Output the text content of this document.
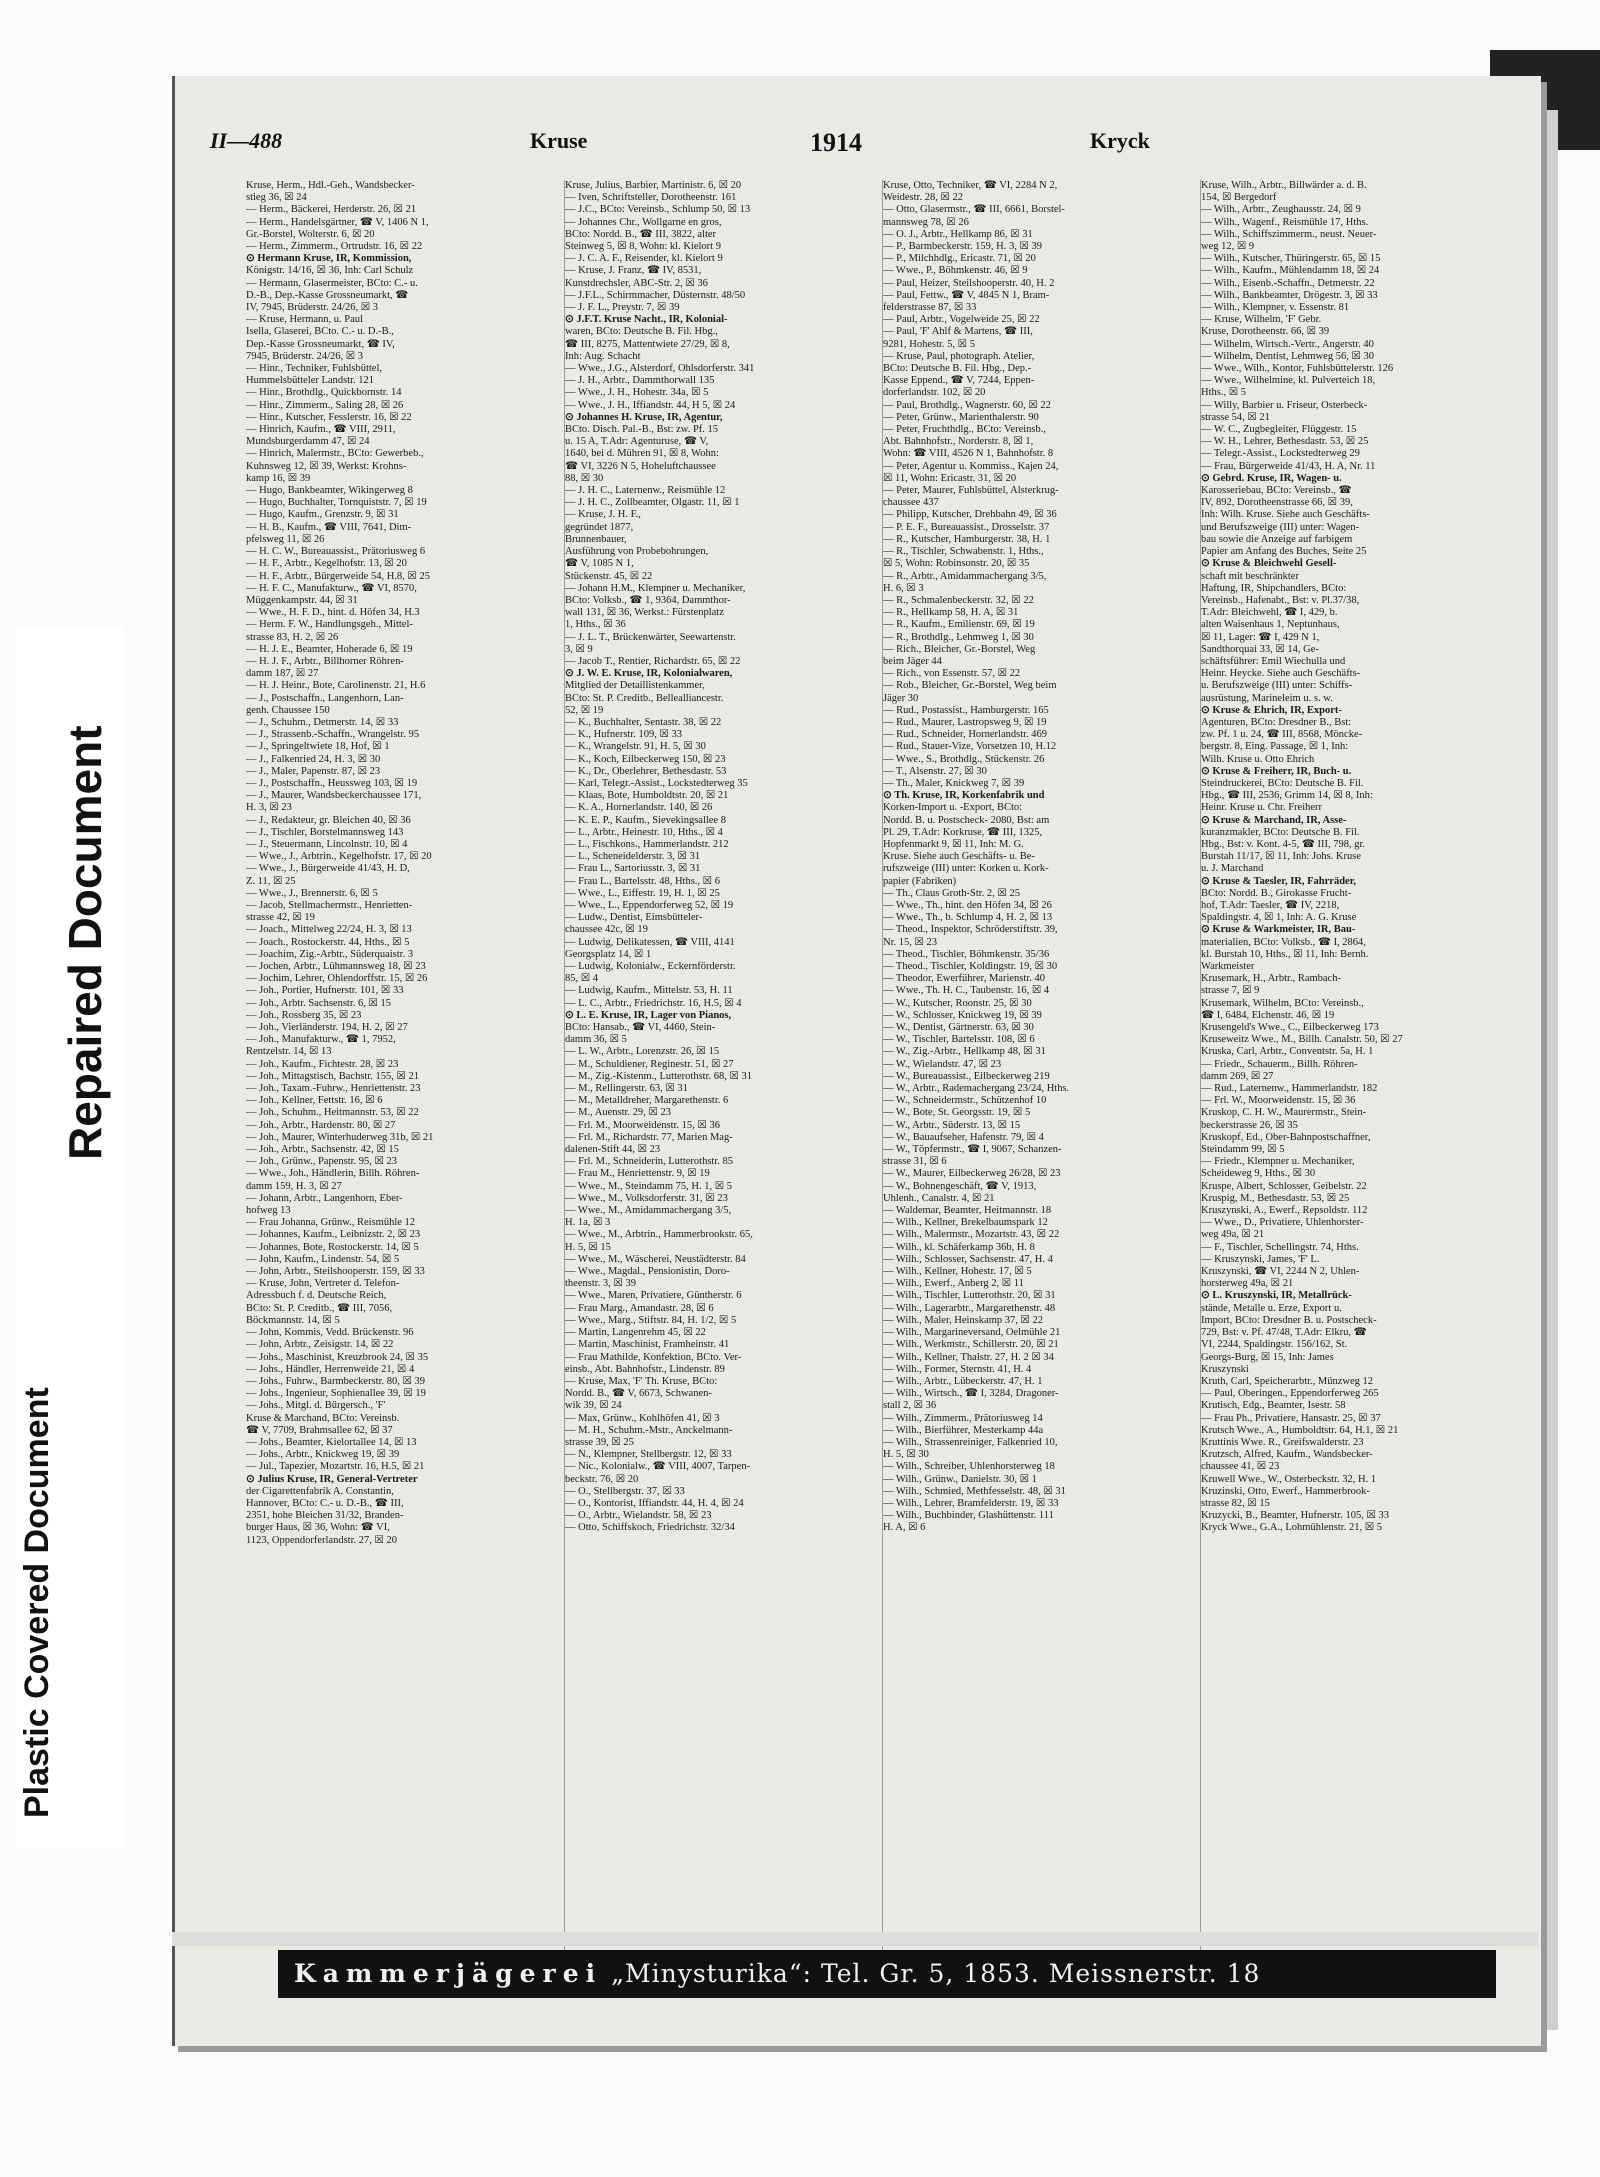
Repaired Document
Plastic Covered Document
II—488	Kruse	1914	Kryck
Kruse, Herm., Hdl.-Geh., Wandsbecker-
stieg 36, ☒ 24
— Herm., Bäckerei, Herderstr. 26, ☒ 21
— Herm., Handelsgärtner, ☎ V, 1406 N 1,
Gr.-Borstel, Wolterstr. 6, ☒ 20
— Herm., Zimmerm., Ortrudstr. 16, ☒ 22
⊙ Hermann Kruse, IR, Kommission,
Königstr. 14/16, ☒ 36, Inh: Carl Schulz
— Hermann, Glasermeister, BCto: C.- u.
D.-B., Dep.-Kasse Grossneumarkt, ☎
IV, 7945, Brüderstr. 24/26, ☒ 3
— Kruse, Hermann, u. Paul
Isella, Glaserei, BCto. C.- u. D.-B.,
Dep.-Kasse Grossneumarkt, ☎ IV,
7945, Brüderstr. 24/26, ☒ 3
— Hinr., Techniker, Fuhlsbüttel,
Hummelsbütteler Landstr. 121
— Hinr., Brothdlg., Quickbornstr. 14
— Hinr., Zimmerm., Saling 28, ☒ 26
— Hinr., Kutscher, Fesslerstr. 16, ☒ 22
— Hinrich, Kaufm., ☎ VIII, 2911,
Mundsburgerdamm 47, ☒ 24
— Hinrich, Malermstr., BCto: Gewerbeb.,
Kuhnsweg 12, ☒ 39, Werkst: Krohns-
kamp 16, ☒ 39
— Hugo, Bankbeamter, Wikingerweg 8
— Hugo, Buchhalter, Tornquiststr. 7, ☒ 19
— Hugo, Kaufm., Grenzstr. 9, ☒ 31
— H. B., Kaufm., ☎ VIII, 7641, Dim-
pfelsweg 11, ☒ 26
— H. C. W., Bureauassist., Prätoriusweg 6
— H. F., Arbtr., Kegelhofstr. 13, ☒ 20
— H. F., Arbtr., Bürgerweide 54, H.8, ☒ 25
— H. F. C., Manufakturw., ☎ VI, 8570,
Müggenkampstr. 44, ☒ 31
— Wwe., H. F. D., hint. d. Höfen 34, H.3
— Herm. F. W., Handlungsgeh., Mittel-
strasse 83, H. 2, ☒ 26
— H. J. E., Beamter, Hoherade 6, ☒ 19
— H. J. F., Arbtr., Billhorner Röhren-
damm 187, ☒ 27
— H. J. Heinr., Bote, Carolinenstr. 21, H.6
— J., Postschaffn., Langenhorn, Lan-
genh. Chaussee 150
— J., Schuhm., Detmerstr. 14, ☒ 33
— J., Strassenb.-Schaffn., Wrangelstr. 95
— J., Springeltwiete 18, Hof, ☒ 1
— J., Falkenried 24, H. 3, ☒ 30
— J., Maler, Papenstr. 87, ☒ 23
— J., Postschaffn., Heussweg 103, ☒ 19
— J., Maurer, Wandsbeckerchaussee 171,
H. 3, ☒ 23
— J., Redakteur, gr. Bleichen 40, ☒ 36
— J., Tischler, Borstelmannsweg 143
— J., Steuermann, Lincolnstr. 10, ☒ 4
— Wwe., J., Arbtrin., Kegelhofstr. 17, ☒ 20
— Wwe., J., Bürgerweide 41/43, H. D,
Z. 11, ☒ 25
— Wwe., J., Brennerstr. 6, ☒ 5
— Jacob, Stellmachermstr., Henrietten-
strasse 42, ☒ 19
— Joach., Mittelweg 22/24, H. 3, ☒ 13
— Joach., Rostockerstr. 44, Hths., ☒ 5
— Joachim, Zig.-Arbtr., Süderquaistr. 3
— Jochen, Arbtr., Lühmannsweg 18, ☒ 23
— Jochim, Lehrer, Ohlendorffstr. 15, ☒ 26
— Joh., Portier, Hufnerstr. 101, ☒ 33
— Joh., Arbtr. Sachsenstr. 6, ☒ 15
— Joh., Rossberg 35, ☒ 23
— Joh., Vierländerstr. 194, H. 2, ☒ 27
— Joh., Manufakturw., ☎ 1, 7952,
Rentzelstr. 14, ☒ 13
— Joh., Kaufm., Fichtestr. 28, ☒ 23
— Joh., Mittagstisch, Bachstr. 155, ☒ 21
— Joh., Taxam.-Fuhrw., Henriettenstr. 23
— Joh., Kellner, Fettstr. 16, ☒ 6
— Joh., Schuhm., Heitmannstr. 53, ☒ 22
— Joh., Arbtr., Hardenstr. 80, ☒ 27
— Joh., Maurer, Winterhuderweg 31b, ☒ 21
— Joh., Arbtr., Sachsenstr. 42, ☒ 15
— Joh., Grünw., Papenstr. 95, ☒ 23
— Wwe., Joh., Händlerin, Billh. Röhren-
damm 159, H. 3, ☒ 27
— Johann, Arbtr., Langenhorn, Eber-
hofweg 13
— Frau Johanna, Grünw., Reismühle 12
— Johannes, Kaufm., Leibnizstr. 2, ☒ 23
— Johannes, Bote, Rostockerstr. 14, ☒ 5
— John, Kaufm., Lindenstr. 54, ☒ 5
— John, Arbtr., Steilshooperstr. 159, ☒ 33
— Kruse, John, Vertreter d. Telefon-
Adressbuch f. d. Deutsche Reich,
BCto: St. P. Creditb., ☎ III, 7056,
Böckmannstr. 14, ☒ 5
— John, Kommis, Vedd. Brückenstr. 96
— John, Arbtr., Zeisigstr. 14, ☒ 22
— Johs., Maschinist, Kreuzbrook 24, ☒ 35
— Johs., Händler, Herrenweide 21, ☒ 4
— Johs., Fuhrw., Barmbeckerstr. 80, ☒ 39
— Johs., Ingenieur, Sophienallee 39, ☒ 19
— Johs., Mitgl. d. Bürgersch., 'F'
Kruse & Marchand, BCto: Vereinsb.
☎ V, 7709, Brahmsallee 62, ☒ 37
— Johs., Beamter, Kielortallee 14, ☒ 13
— Johs., Arbtr., Knickweg 19, ☒ 39
— Jul., Tapezier, Mozartstr. 16, H.5, ☒ 21
⊙ Julius Kruse, IR, General-Vertreter
der Cigarettenfabrik A. Constantin,
Hannover, BCto: C.- u. D.-B., ☎ III,
2351, hohe Bleichen 31/32, Branden-
burger Haus, ☒ 36, Wohn: ☎ VI,
1123, Oppendorferlandstr. 27, ☒ 20
Kruse, Julius, Barbier, Martinistr. 6, ☒ 20
— Iven, Schriftsteller, Dorotheenstr. 161
— J.C., BCto: Vereinsb., Schlump 50, ☒ 13
— Johannes Chr., Wollgarne en gros,
BCto: Nordd. B., ☎ III, 3822, alter
Steinweg 5, ☒ 8, Wohn: kl. Kielort 9
— J. C. A. F., Reisender, kl. Kielort 9
— Kruse, J. Franz, ☎ IV, 8531,
Kunstdrechsler, ABC-Str. 2, ☒ 36
— J.F.L., Schirmmacher, Düsternstr. 48/50
— J. F. L., Preystr. 7, ☒ 39
⊙ J.F.T. Kruse Nacht., IR, Kolonial-
waren, BCto: Deutsche B. Fil. Hbg.,
☎ III, 8275, Mattentwiete 27/29, ☒ 8,
Inh: Aug. Schacht
— Wwe., J.G., Alsterdorf, Ohlsdorferstr. 341
— J. H., Arbtr., Dammthorwall 135
— Wwe., J. H., Hohestr. 34a, ☒ 5
— Wwe., J. H., Iffiandstr. 44, H 5, ☒ 24
⊙ Johannes H. Kruse, IR, Agentur,
BCto. Disch. Pal.-B., Bst: zw. Pf. 15
u. 15 A, T.Adr: Agenturuse, ☎ V,
1640, bei d. Mühren 91, ☒ 8, Wohn:
☎ VI, 3226 N 5, Hoheluftchaussee
88, ☒ 30
— J. H. C., Laternenw., Reismühle 12
— J. H. C., Zollbeamter, Olgastr. 11, ☒ 1
— Kruse, J. H. F.,
gegründet 1877,
Brunnenbauer,
Ausführung von Probebohrungen,
☎ V, 1085 N 1,
Stückenstr. 45, ☒ 22
— Johann H.M., Klempner u. Mechaniker,
BCto: Volksb., ☎ 1, 9364, Dammthor-
wall 131, ☒ 36, Werkst.: Fürstenplatz
1, Hths., ☒ 36
— J. L. T., Brückenwärter, Seewartenstr.
3, ☒ 9
— Jacob T., Rentier, Richardstr. 65, ☒ 22
⊙ J. W. E. Kruse, IR, Kolonialwaren,
Mitglied der Detaillistenkammer,
BCto: St. P. Creditb., Bellealliancestr.
52, ☒ 19
— K., Buchhalter, Sentastr. 38, ☒ 22
— K., Hufnerstr. 109, ☒ 33
— K., Wrangelstr. 91, H. 5, ☒ 30
— K., Koch, Eilbeckerweg 150, ☒ 23
— K., Dr., Oberlehrer, Bethesdastr. 53
— Karl, Telegr.-Assist., Lockstedterweg 35
— Klaas, Bote, Humboldtstr. 20, ☒ 21
— K. A., Hornerlandstr. 140, ☒ 26
— K. E. P., Kaufm., Sievekingsallee 8
— L., Arbtr., Heinestr. 10, Hths., ☒ 4
— L., Fischkons., Hammerlandstr. 212
— L., Scheneidelderstr. 3, ☒ 31
— Frau L., Sartoriusstr. 3, ☒ 31
— Frau L., Bartelsstr. 48, Hths., ☒ 6
— Wwe., L., Eiffestr. 19, H. 1, ☒ 25
— Wwe., L., Eppendorferweg 52, ☒ 19
— Ludw., Dentist, Eimsbütteler-
chaussee 42c, ☒ 19
— Ludwig, Delikatessen, ☎ VIII, 4141
Georgsplatz 14, ☒ 1
— Ludwig, Kolonialw., Eckernförderstr.
85, ☒ 4
— Ludwig, Kaufm., Mittelstr. 53, H. 11
— L. C., Arbtr., Friedrichstr. 16, H.5, ☒ 4
⊙ L. E. Kruse, IR, Lager von Pianos,
BCto: Hansab., ☎ VI, 4460, Stein-
damm 36, ☒ 5
— L. W., Arbtr., Lorenzstr. 26, ☒ 15
— M., Schuldiener, Reginestr. 51, ☒ 27
— M., Zig.-Kistenm., Lutterothstr. 68, ☒ 31
— M., Rellingerstr. 63, ☒ 31
— M., Metalldreher, Margarethenstr. 6
— M., Auenstr. 29, ☒ 23
— Frl. M., Moorweidenstr. 15, ☒ 36
— Frl. M., Richardstr. 77, Marien Mag-
dalenen-Stift 44, ☒ 23
— Frl. M., Schneiderin, Lutterothstr. 85
— Frau M., Henriettenstr. 9, ☒ 19
— Wwe., M., Steindamm 75, H. 1, ☒ 5
— Wwe., M., Volksdorferstr. 31, ☒ 23
— Wwe., M., Amidammachergang 3/5,
H. 1a, ☒ 3
— Wwe., M., Arbtrin., Hammerbrookstr. 65,
H. 5, ☒ 15
— Wwe., M., Wäscherei, Neustädterstr. 84
— Wwe., Magdal., Pensionistin, Doro-
theenstr. 3, ☒ 39
— Wwe., Maren, Privatiere, Güntherstr. 6
— Frau Marg., Amandastr. 28, ☒ 6
— Wwe., Marg., Stiftstr. 84, H. 1/2, ☒ 5
— Martin, Langenrehm 45, ☒ 22
— Martin, Maschinist, Framheinstr. 41
— Frau Mathilde, Konfektion, BCto. Ver-
einsb., Abt. Bahnhofstr., Lindenstr. 89
— Kruse, Max, 'F' Th. Kruse, BCto:
Nordd. B., ☎ V, 6673, Schwanen-
wik 39, ☒ 24
— Max, Grünw., Kohlhöfen 41, ☒ 3
— M. H., Schuhm.-Mstr., Anckelmann-
strasse 39, ☒ 25
— N., Klempner, Stellbergstr. 12, ☒ 33
— Nic., Kolonialw., ☎ VIII, 4007, Tarpen-
beckstr. 76, ☒ 20
— O., Stellbergstr. 37, ☒ 33
— O., Kontorist, Iffiandstr. 44, H. 4, ☒ 24
— O., Arbtr., Wielandstr. 58, ☒ 23
— Otto, Schiffskoch, Friedrichstr. 32/34
Kruse, Otto, Techniker, ☎ VI, 2284 N 2,
Weidestr. 28, ☒ 22
— Otto, Glasermstr., ☎ III, 6661, Borstel-
mannsweg 78, ☒ 26
— O. J., Arbtr., Hellkamp 86, ☒ 31
— P., Barmbeckerstr. 159, H. 3, ☒ 39
— P., Milchhdlg., Ericastr. 71, ☒ 20
— Wwe., P., Böhmkenstr. 46, ☒ 9
— Paul, Heizer, Steilshooperstr. 40, H. 2
— Paul, Fettw., ☎ V, 4845 N 1, Bram-
felderstrasse 87, ☒ 33
— Paul, Arbtr., Vogelweide 25, ☒ 22
— Paul, 'F' Ahlf & Martens, ☎ III,
9281, Hohestr. 5, ☒ 5
— Kruse, Paul, photograph. Atelier,
BCto: Deutsche B. Fil. Hbg., Dep.-
Kasse Eppend., ☎ V, 7244, Eppen-
dorferlandstr. 102, ☒ 20
— Paul, Brothdlg., Wagnerstr. 60, ☒ 22
— Peter, Grünw., Marienthalerstr. 90
— Peter, Fruchthdlg., BCto: Vereinsb.,
Abt. Bahnhofstr., Norderstr. 8, ☒ 1,
Wohn: ☎ VIII, 4526 N 1, Bahnhofstr. 8
— Peter, Agentur u. Kommiss., Kajen 24,
☒ 11, Wohn: Ericastr. 31, ☒ 20
— Peter, Maurer, Fuhlsbüttel, Alsterkrug-
chaussee 437
— Philipp, Kutscher, Drehbahn 49, ☒ 36
— P. E. F., Bureauassist., Drosselstr. 37
— R., Kutscher, Hamburgerstr. 38, H. 1
— R., Tischler, Schwabenstr. 1, Hths.,
☒ 5, Wohn: Robinsonstr. 20, ☒ 35
— R., Arbtr., Amidammachergang 3/5,
H. 6, ☒ 3
— R., Schmalenbeckerstr. 32, ☒ 22
— R., Hellkamp 58, H. A, ☒ 31
— R., Kaufm., Emilienstr. 69, ☒ 19
— R., Brothdlg., Lehmweg 1, ☒ 30
— Rich., Bleicher, Gr.-Borstel, Weg
beim Jäger 44
— Rich., von Essenstr. 57, ☒ 22
— Rob., Bleicher, Gr.-Borstel, Weg beim
Jäger 30
— Rud., Postassist., Hamburgerstr. 165
— Rud., Maurer, Lastropsweg 9, ☒ 19
— Rud., Schneider, Hornerlandstr. 469
— Rud., Stauer-Vize, Vorsetzen 10, H.12
— Wwe., S., Brothdlg., Stückenstr. 26
— T., Alsenstr. 27, ☒ 30
— Th., Maler, Knickweg 7, ☒ 39
⊙ Th. Kruse, IR, Korkenfabrik und
Korken-Import u. -Export, BCto:
Nordd. B. u. Postscheck- 2080, Bst: am
Pl. 29, T.Adr: Korkruse, ☎ III, 1325,
Hopfenmarkt 9, ☒ 11, Inh: M. G.
Kruse. Siehe auch Geschäfts- u. Be-
rufszweige (III) unter: Korken u. Kork-
papier (Fabriken)
— Th., Claus Groth-Str. 2, ☒ 25
— Wwe., Th., hint. den Höfen 34, ☒ 26
— Wwe., Th., b. Schlump 4, H. 2, ☒ 13
— Theod., Inspektor, Schröderstiftstr. 39,
Nr. 15, ☒ 23
— Theod., Tischler, Böhmkenstr. 35/36
— Theod., Tischler, Koldingstr. 19, ☒ 30
— Theodor, Ewerführer, Marienstr. 40
— Wwe., Th. H. C., Taubenstr. 16, ☒ 4
— W., Kutscher, Roonstr. 25, ☒ 30
— W., Schlosser, Knickweg 19, ☒ 39
— W., Dentist, Gärtnerstr. 63, ☒ 30
— W., Tischler, Bartelsstr. 108, ☒ 6
— W., Zig.-Arbtr., Hellkamp 48, ☒ 31
— W., Wielandstr. 47, ☒ 23
— W., Bureauassist., Eilbeckerweg 219
— W., Arbtr., Rademachergang 23/24, Hths.
— W., Schneidermstr., Schützenhof 10
— W., Bote, St. Georgsstr. 19, ☒ 5
— W., Arbtr., Süderstr. 13, ☒ 15
— W., Bauaufseher, Hafenstr. 79, ☒ 4
— W., Töpfermstr., ☎ I, 9067, Schanzen-
strasse 31, ☒ 6
— W., Maurer, Eilbeckerweg 26/28, ☒ 23
— W., Bohnengeschäft, ☎ V, 1913,
Uhlenh., Canalstr. 4, ☒ 21
— Waldemar, Beamter, Heitmannstr. 18
— Wilh., Kellner, Brekelbaumspark 12
— Wilh., Malermstr., Mozartstr. 43, ☒ 22
— Wilh., kl. Schäferkamp 36b, H. 8
— Wilh., Schlosser, Sachsenstr. 47, H. 4
— Wilh., Kellner, Hohestr. 17, ☒ 5
— Wilh., Ewerf., Anberg 2, ☒ 11
— Wilh., Tischler, Lutterothstr. 20, ☒ 31
— Wilh., Lagerarbtr., Margarethenstr. 48
— Wilh., Maler, Heinskamp 37, ☒ 22
— Wilh., Margarineversand, Oelmühle 21
— Wilh., Werkmstr., Schillerstr. 20, ☒ 21
— Wilh., Kellner, Thalstr. 27, H. 2 ☒ 34
— Wilh., Former, Sternstr. 41, H. 4
— Wilh., Arbtr., Lübeckerstr. 47, H. 1
— Wilh., Wirtsch., ☎ I, 3284, Dragoner-
stall 2, ☒ 36
— Wilh., Zimmerm., Prätoriusweg 14
— Wilh., Bierführer, Mesterkamp 44a
— Wilh., Strassenreiniger, Falkenried 10,
H. 5, ☒ 30
— Wilh., Schreiber, Uhlenhorsterweg 18
— Wilh., Grünw., Danielstr. 30, ☒ 1
— Wilh., Schmied, Methfesselstr. 48, ☒ 31
— Wilh., Lehrer, Bramfelderstr. 19, ☒ 33
— Wilh., Buchbinder, Glashüttenstr. 111
H. A, ☒ 6
Kruse, Wilh., Arbtr., Billwärder a. d. B.
154, ☒ Bergedorf
— Wilh., Arbtr., Zeughausstr. 24, ☒ 9
— Wilh., Wagenf., Reismühle 17, Hths.
— Wilh., Schiffszimmerm., neust. Neuer-
weg 12, ☒ 9
— Wilh., Kutscher, Thüringerstr. 65, ☒ 15
— Wilh., Kaufm., Mühlendamm 18, ☒ 24
— Wilh., Eisenb.-Schaffn., Detmerstr. 22
— Wilh., Bankbeamter, Drögestr. 3, ☒ 33
— Wilh., Klempner, v. Essenstr. 81
— Kruse, Wilhelm, 'F' Gebr.
Kruse, Dorotheenstr. 66, ☒ 39
— Wilhelm, Wirtsch.-Vertr., Angerstr. 40
— Wilhelm, Dentist, Lehmweg 56, ☒ 30
— Wwe., Wilh., Kontor, Fuhlsbüttelerstr. 126
— Wwe., Wilhelmine, kl. Pulverteich 18,
Hths., ☒ 5
— Willy, Barbier u. Friseur, Osterbeck-
strasse 54, ☒ 21
— W. C., Zugbegleiter, Flüggestr. 15
— W. H., Lehrer, Bethesdastr. 53, ☒ 25
— Telegr.-Assist., Lockstedterweg 29
— Frau, Bürgerweide 41/43, H. A, Nr. 11
⊙ Gebrd. Kruse, IR, Wagen- u.
Karosseriebau, BCto: Vereinsb., ☎
IV, 892, Dorotheenstrasse 66, ☒ 39,
Inh: Wilh. Kruse. Siehe auch Geschäfts-
und Berufszweige (III) unter: Wagen-
bau sowie die Anzeige auf farbigem
Papier am Anfang des Buches, Seite 25
⊙ Kruse & Bleichwehl Gesell-
schaft mit beschränkter
Haftung, IR, Shipchandlers, BCto:
Vereinsb., Hafenabt., Bst: v. Pl.37/38,
T.Adr: Bleichwehl, ☎ I, 429, b.
alten Waisenhaus 1, Neptunhaus,
☒ 11, Lager: ☎ I, 429 N 1,
Sandthorquai 33, ☒ 14, Ge-
schäftsführer: Emil Wiechulla und
Heinr. Heycke. Siehe auch Geschäfts-
u. Berufszweige (III) unter: Schiffs-
ausrüstung, Marineleim u. s. w.
⊙ Kruse & Ehrich, IR, Export-
Agenturen, BCto: Dresdner B., Bst:
zw. Pf. 1 u. 24, ☎ III, 8568, Mönckе-
bergstr. 8, Eing. Passage, ☒ 1, Inh:
Wilh. Kruse u. Otto Ehrich
⊙ Kruse & Freiherr, IR, Buch- u.
Steindruckerei, BCto: Deutsche B. Fil.
Hbg., ☎ III, 2536, Grimm 14, ☒ 8, Inh:
Heinr. Kruse u. Chr. Freiherr
⊙ Kruse & Marchand, IR, Asse-
kuranzmakler, BCto: Deutsche B. Fil.
Hbg., Bst: v. Kont. 4-5, ☎ III, 798, gr.
Burstah 11/17, ☒ 11, Inh: Johs. Kruse
u. J. Marchand
⊙ Kruse & Taesler, IR, Fahrräder,
BCto: Nordd. B., Girokasse Frucht-
hof, T.Adr: Taesler, ☎ IV, 2218,
Spaldingstr. 4, ☒ 1, Inh: A. G. Kruse
⊙ Kruse & Warkmeister, IR, Bau-
materialien, BCto: Volksb., ☎ I, 2864,
kl. Burstah 10, Hths., ☒ 11, Inh: Bernh.
Warkmeister
Krusemark, H., Arbtr., Rambach-
strasse 7, ☒ 9
Krusemark, Wilhelm, BCto: Vereinsb.,
☎ I, 6484, Elchenstr. 46, ☒ 19
Krusengeld's Wwe., C., Eilbeckerweg 173
Kruseweitz Wwe., M., Billh. Canalstr. 50, ☒ 27
Kruska, Carl, Arbtr., Conventstr. 5a, H. 1
— Friedr., Schauerm., Billh. Röhren-
damm 269, ☒ 27
— Rud., Laternenw., Hammerlandstr. 182
— Frl. W., Moorweidenstr. 15, ☒ 36
Kruskop, C. H. W., Maurermstr., Stein-
beckerstrasse 26, ☒ 35
Kruskopf, Ed., Ober-Bahnpostschaffner,
Steindamm 99, ☒ 5
— Friedr., Klempner u. Mechaniker,
Scheideweg 9, Hths., ☒ 30
Kruspe, Albert, Schlosser, Geibelstr. 22
Kruspig, M., Bethesdastr. 53, ☒ 25
Kruszynski, A., Ewerf., Repsoldstr. 112
— Wwe., D., Privatiere, Uhlenhorster-
weg 49a, ☒ 21
— F., Tischler, Schellingstr. 74, Hths.
— Kruszynski, James, 'F' L.
Kruszynski, ☎ VI, 2244 N 2, Uhlen-
horsterweg 49a, ☒ 21
⊙ L. Kruszynski, IR, Metallrück-
stände, Metalle u. Erze, Export u.
Import, BCto: Dresdner B. u. Postscheck-
729, Bst: v. Pf. 47/48, T.Adr: Elkru, ☎
VI, 2244, Spaldingstr. 156/162, St.
Georgs-Burg, ☒ 15, Inh: James
Kruszynski
Kruth, Carl, Speicherarbtr., Münzweg 12
— Paul, Oberingen., Eppendorferweg 265
Krutisch, Edg., Beamter, Isestr. 58
— Frau Ph., Privatiere, Hansastr. 25, ☒ 37
Krutsch Wwe., A., Humboldtstr. 64, H.1, ☒ 21
Kruttinis Wwe. R., Greifswalderstr. 23
Krutzsch, Alfred, Kaufm., Wandsbecker-
chaussee 41, ☒ 23
Kruwell Wwe., W., Osterbeckstr. 32, H. 1
Kruzinski, Otto, Ewerf., Hammerbrook-
strasse 82, ☒ 15
Kruzycki, B., Beamter, Hufnerstr. 105, ☒ 33
Kryck Wwe., G.A., Lohmühlenstr. 21, ☒ 5
Kammerjägerei „Minysturika“: Tel. Gr. 5, 1853. Meissnerstr. 18
